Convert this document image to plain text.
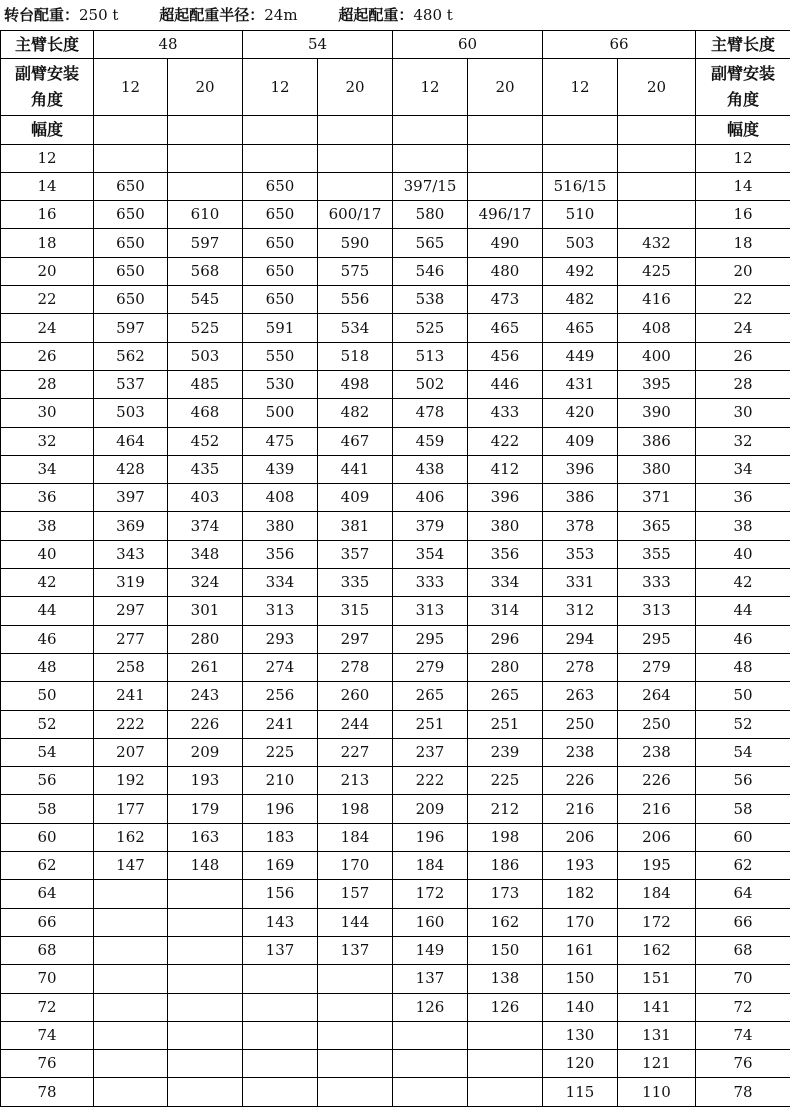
转台配重：250 t	超起配重半径：24m	超起配重：480 t
主臂长度	48		54		60		66		主臂长度
副臂安装
角度	12	20	12	20	12	20	12	20	副臂安装
角度
幅度									幅度
12									12
14	650		650		397/15		516/15		14
16	650	610	650	600/17	580	496/17	510		16
18	650	597	650	590	565	490	503	432	18
20	650	568	650	575	546	480	492	425	20
22	650	545	650	556	538	473	482	416	22
24	597	525	591	534	525	465	465	408	24
26	562	503	550	518	513	456	449	400	26
28	537	485	530	498	502	446	431	395	28
30	503	468	500	482	478	433	420	390	30
32	464	452	475	467	459	422	409	386	32
34	428	435	439	441	438	412	396	380	34
36	397	403	408	409	406	396	386	371	36
38	369	374	380	381	379	380	378	365	38
40	343	348	356	357	354	356	353	355	40
42	319	324	334	335	333	334	331	333	42
44	297	301	313	315	313	314	312	313	44
46	277	280	293	297	295	296	294	295	46
48	258	261	274	278	279	280	278	279	48
50	241	243	256	260	265	265	263	264	50
52	222	226	241	244	251	251	250	250	52
54	207	209	225	227	237	239	238	238	54
56	192	193	210	213	222	225	226	226	56
58	177	179	196	198	209	212	216	216	58
60	162	163	183	184	196	198	206	206	60
62	147	148	169	170	184	186	193	195	62
64			156	157	172	173	182	184	64
66			143	144	160	162	170	172	66
68			137	137	149	150	161	162	68
70					137	138	150	151	70
72					126	126	140	141	72
74							130	131	74
76							120	121	76
78							115	110	78
